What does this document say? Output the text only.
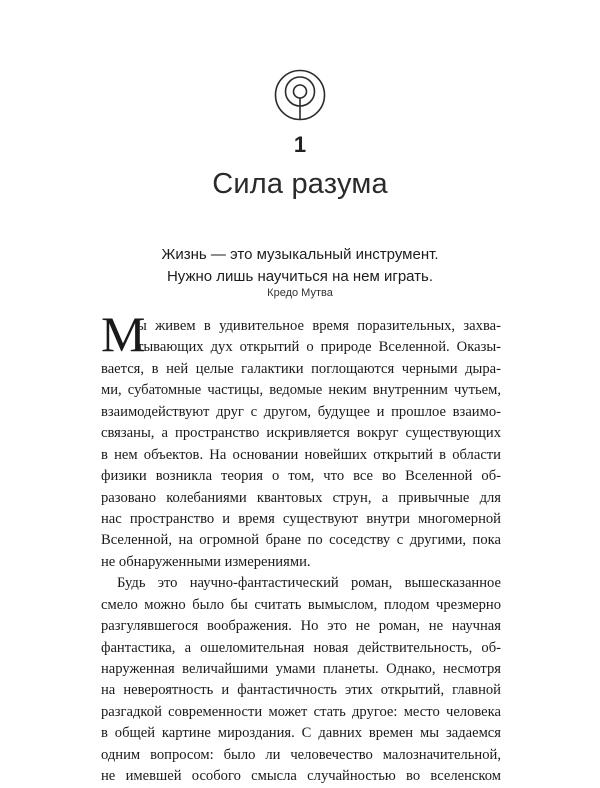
1
Сила разума
Жизнь — это музыкальный инструмент.
Нужно лишь научиться на нем играть.
Кредо Мутва
М
ы живем в удивительное время поразительных, захва-
тывающих дух открытий о природе Вселенной. Оказы-
вается, в ней целые галактики поглощаются черными дыра-
ми, субатомные частицы, ведомые неким внутренним чутьем,
взаимодействуют друг с другом, будущее и прошлое взаимо-
связаны, а пространство искривляется вокруг существующих
в нем объектов. На основании новейших открытий в области
физики возникла теория о том, что все во Вселенной об-
разовано колебаниями квантовых струн, а привычные для
нас пространство и время существуют внутри многомерной
Вселенной, на огромной бране по соседству с другими, пока
не обнаруженными измерениями.
Будь это научно-фантастический роман, вышесказанное
смело можно было бы считать вымыслом, плодом чрезмерно
разгулявшегося воображения. Но это не роман, не научная
фантастика, а ошеломительная новая действительность, об-
наруженная величайшими умами планеты. Однако, несмотря
на невероятность и фантастичность этих открытий, главной
разгадкой современности может стать другое: место человека
в общей картине мироздания. С давних времен мы задаемся
одним вопросом: было ли человечество малозначительной,
не имевшей особого смысла случайностью во вселенском
